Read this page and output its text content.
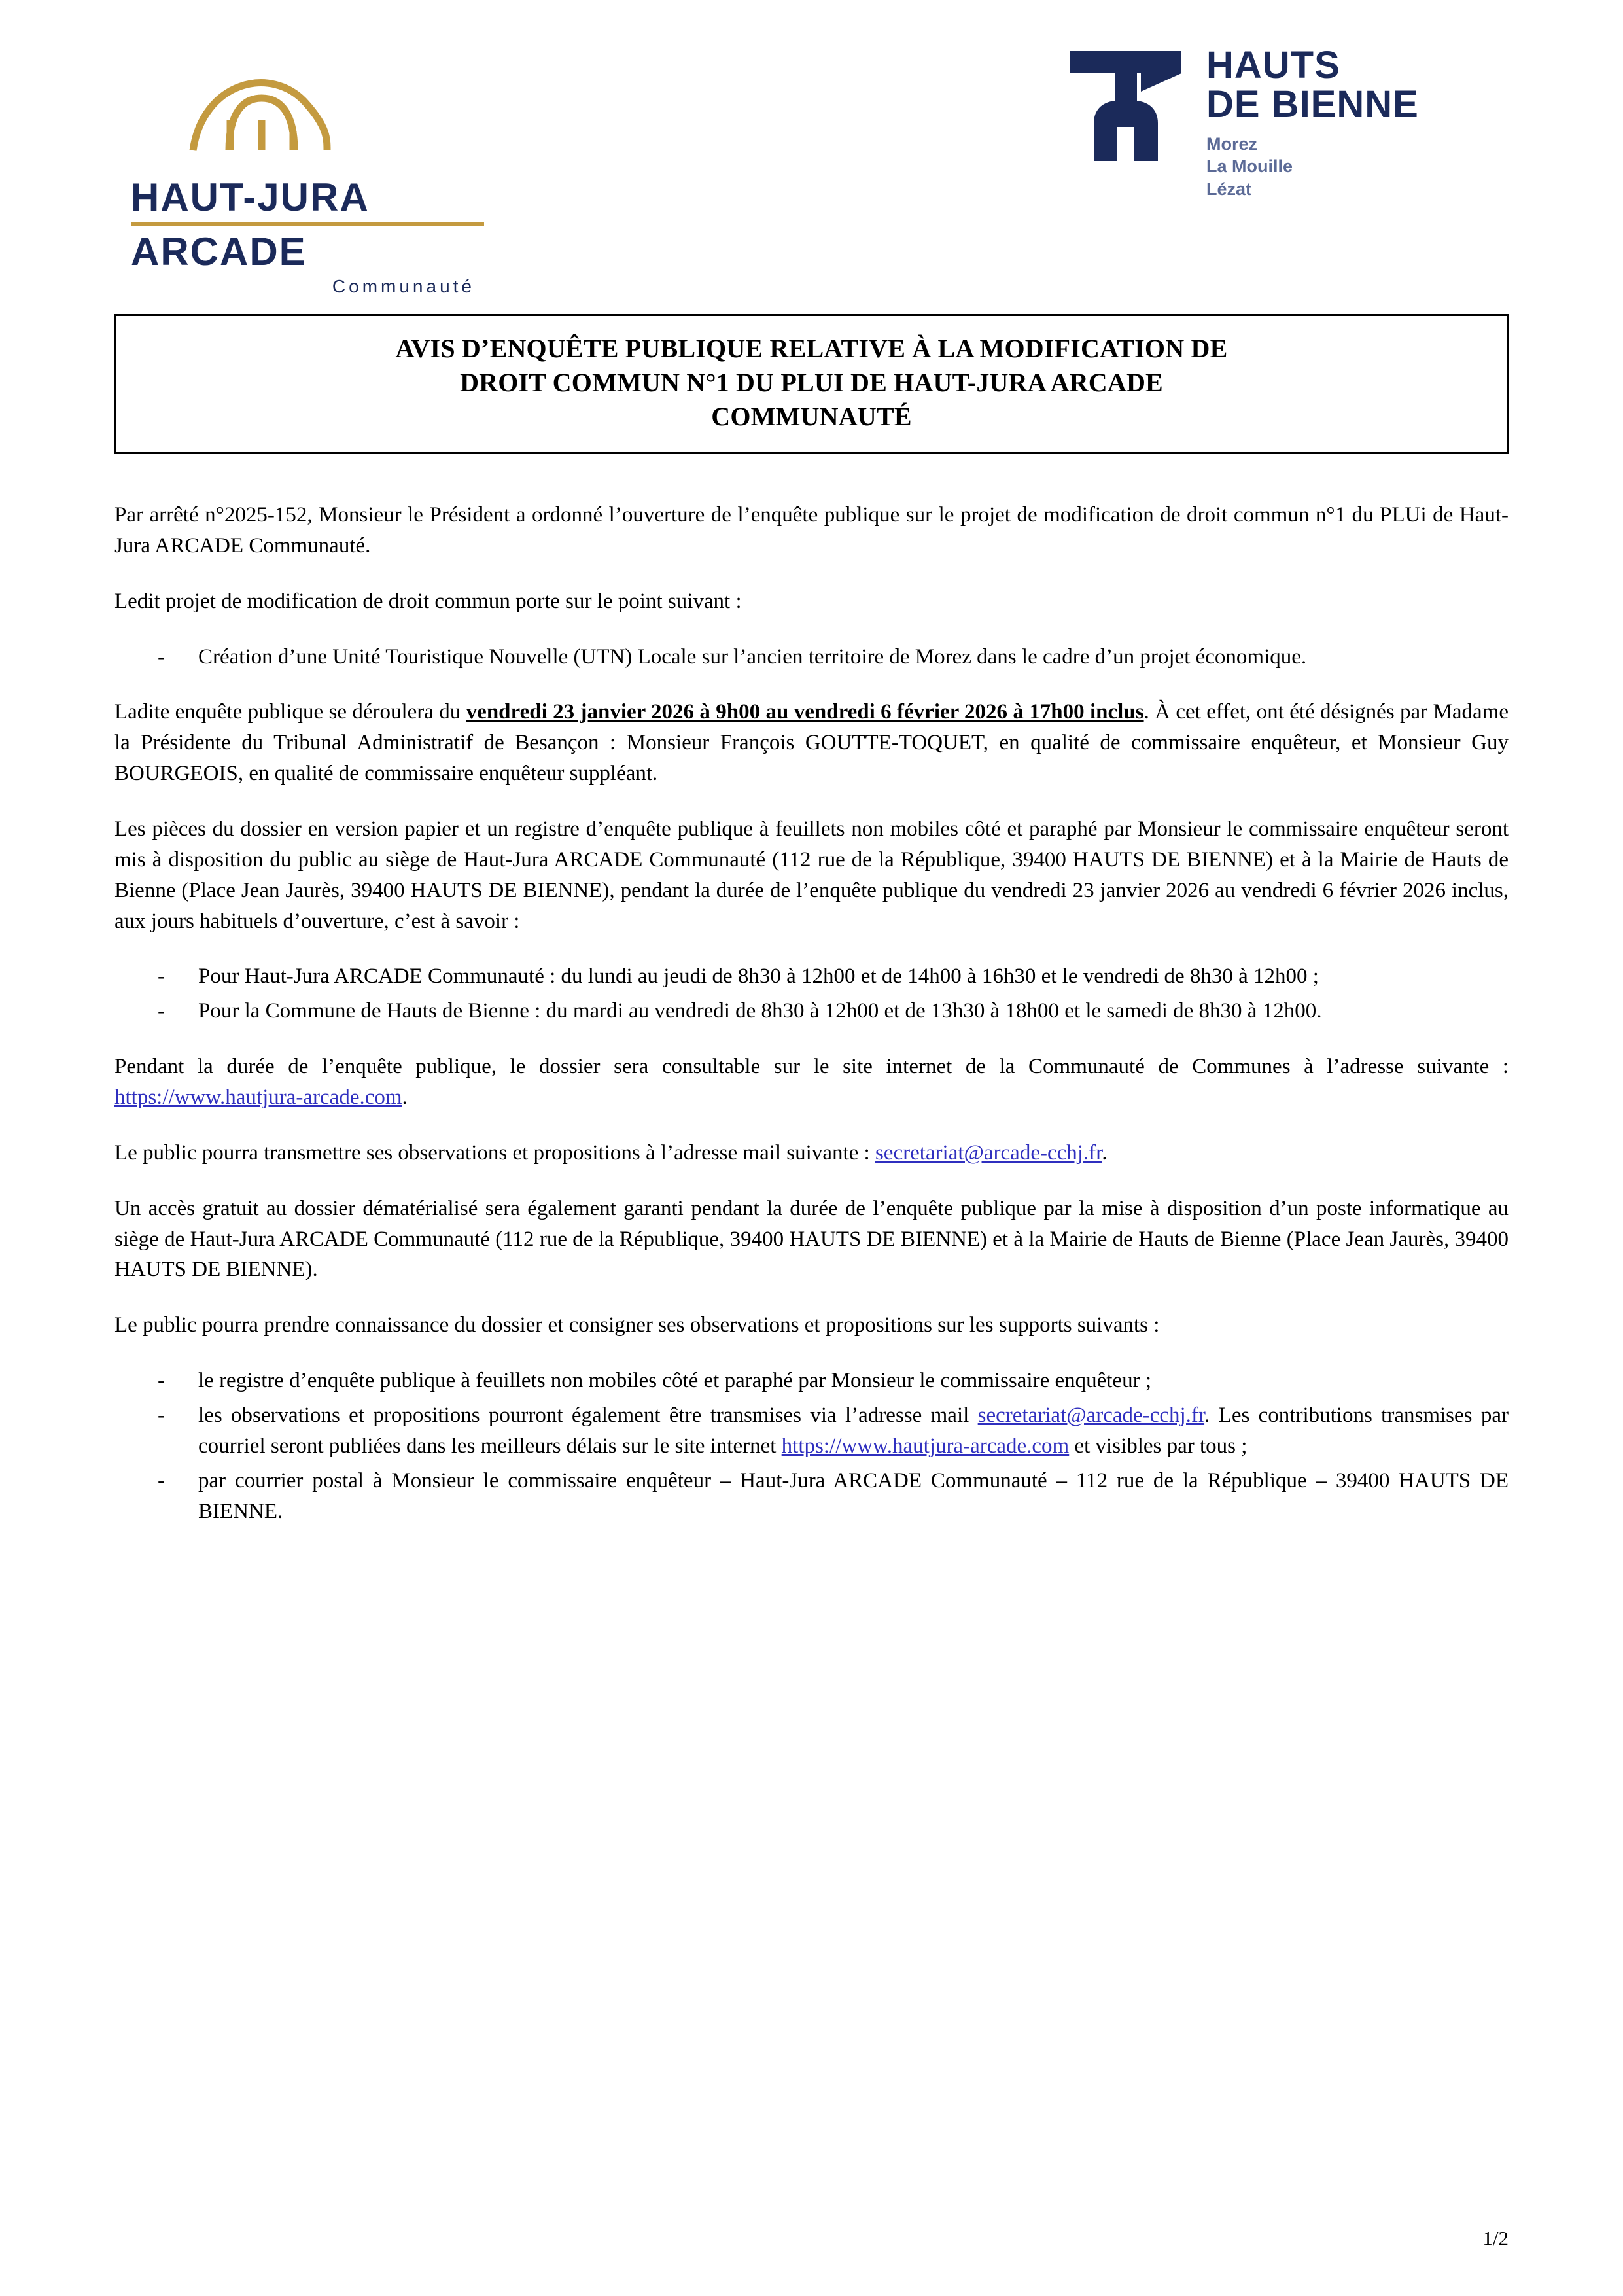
HAUT-JURA
ARCADE
Communauté
HAUTS
DE BIENNE
Morez
La Mouille
Lézat
AVIS D’ENQUÊTE PUBLIQUE RELATIVE À LA MODIFICATION DE
DROIT COMMUN N°1 DU PLUI DE HAUT-JURA ARCADE
COMMUNAUTÉ

Par arrêté n°2025-152, Monsieur le Président a ordonné l’ouverture de l’enquête publique sur le projet de modification de droit commun n°1 du PLUi de Haut-Jura ARCADE Communauté.

Ledit projet de modification de droit commun porte sur le point suivant :

- Création d’une Unité Touristique Nouvelle (UTN) Locale sur l’ancien territoire de Morez dans le cadre d’un projet économique.

Ladite enquête publique se déroulera du vendredi 23 janvier 2026 à 9h00 au vendredi 6 février 2026 à 17h00 inclus. À cet effet, ont été désignés par Madame la Présidente du Tribunal Administratif de Besançon : Monsieur François GOUTTE-TOQUET, en qualité de commissaire enquêteur, et Monsieur Guy BOURGEOIS, en qualité de commissaire enquêteur suppléant.

Les pièces du dossier en version papier et un registre d’enquête publique à feuillets non mobiles côté et paraphé par Monsieur le commissaire enquêteur seront mis à disposition du public au siège de Haut-Jura ARCADE Communauté (112 rue de la République, 39400 HAUTS DE BIENNE) et à la Mairie de Hauts de Bienne (Place Jean Jaurès, 39400 HAUTS DE BIENNE), pendant la durée de l’enquête publique du vendredi 23 janvier 2026 au vendredi 6 février 2026 inclus, aux jours habituels d’ouverture, c’est à savoir :

- Pour Haut-Jura ARCADE Communauté : du lundi au jeudi de 8h30 à 12h00 et de 14h00 à 16h30 et le vendredi de 8h30 à 12h00 ;
- Pour la Commune de Hauts de Bienne : du mardi au vendredi de 8h30 à 12h00 et de 13h30 à 18h00 et le samedi de 8h30 à 12h00.

Pendant la durée de l’enquête publique, le dossier sera consultable sur le site internet de la Communauté de Communes à l’adresse suivante : https://www.hautjura-arcade.com.

Le public pourra transmettre ses observations et propositions à l’adresse mail suivante : secretariat@arcade-cchj.fr.

Un accès gratuit au dossier dématérialisé sera également garanti pendant la durée de l’enquête publique par la mise à disposition d’un poste informatique au siège de Haut-Jura ARCADE Communauté (112 rue de la République, 39400 HAUTS DE BIENNE) et à la Mairie de Hauts de Bienne (Place Jean Jaurès, 39400 HAUTS DE BIENNE).

Le public pourra prendre connaissance du dossier et consigner ses observations et propositions sur les supports suivants :

- le registre d’enquête publique à feuillets non mobiles côté et paraphé par Monsieur le commissaire enquêteur ;
- les observations et propositions pourront également être transmises via l’adresse mail secretariat@arcade-cchj.fr. Les contributions transmises par courriel seront publiées dans les meilleurs délais sur le site internet https://www.hautjura-arcade.com et visibles par tous ;
- par courrier postal à Monsieur le commissaire enquêteur – Haut-Jura ARCADE Communauté – 112 rue de la République – 39400 HAUTS DE BIENNE.
1/2
